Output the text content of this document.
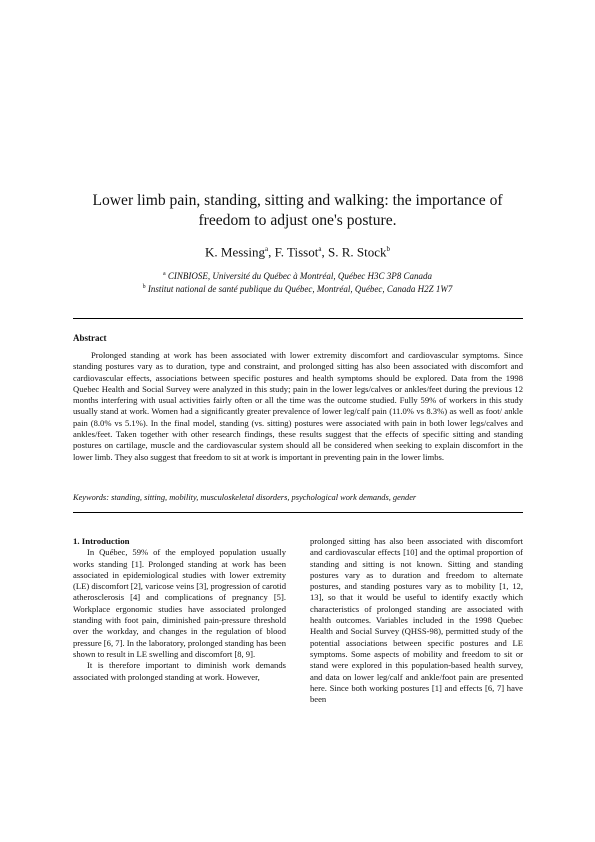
Lower limb pain, standing, sitting and walking: the importance of
freedom to adjust one's posture.
K. Messing$^a$, F. Tissot$^a$, S. R. Stock$^b$
$^a$ CINBIOSE, Université du Québec à Montréal, Québec H3C 3P8 Canada
$^b$ Institut national de santé publique du Québec, Montréal, Québec, Canada H2Z 1W7
Abstract

Prolonged standing at work has been associated with lower extremity discomfort and cardiovascular symptoms. Since standing postures vary as to duration, type and constraint, and prolonged sitting has also been associated with discomfort and cardiovascular effects, associations between specific postures and health symptoms should be explored. Data from the 1998 Quebec Health and Social Survey were analyzed in this study; pain in the lower legs/calves or ankles/feet during the previous 12 months interfering with usual activities fairly often or all the time was the outcome studied. Fully 59% of workers in this study usually stand at work. Women had a significantly greater prevalence of lower leg/calf pain (11.0% vs 8.3%) as well as foot/ ankle pain (8.0% vs 5.1%). In the final model, standing (vs. sitting) postures were associated with pain in both lower legs/calves and ankles/feet. Taken together with other research findings, these results suggest that the effects of specific sitting and standing postures on cartilage, muscle and the cardiovascular system should all be considered when seeking to explain discomfort in the lower limb. They also suggest that freedom to sit at work is important in preventing pain in the lower limbs.

Keywords: standing, sitting, mobility, musculoskeletal disorders, psychological work demands, gender

1. Introduction

In Québec, 59% of the employed population usually works standing [1]. Prolonged standing at work has been associated in epidemiological studies with lower extremity (LE) discomfort [2], varicose veins [3], progression of carotid atherosclerosis [4] and complications of pregnancy [5]. Workplace ergonomic studies have associated prolonged standing with foot pain, diminished pain-pressure threshold over the workday, and changes in the regulation of blood pressure [6, 7]. In the laboratory, prolonged standing has been shown to result in LE swelling and discomfort [8, 9].

It is therefore important to diminish work demands associated with prolonged standing at work. However,

prolonged sitting has also been associated with discomfort and cardiovascular effects [10] and the optimal proportion of standing and sitting is not known. Sitting and standing postures vary as to duration and freedom to alternate postures, and standing postures vary as to mobility [1, 12, 13], so that it would be useful to identify exactly which characteristics of prolonged standing are associated with health outcomes. Variables included in the 1998 Quebec Health and Social Survey (QHSS-98), permitted study of the potential associations between specific postures and LE symptoms. Some aspects of mobility and freedom to sit or stand were explored in this population-based health survey, and data on lower leg/calf and ankle/foot pain are presented here. Since both working postures [1] and effects [6, 7] have been
